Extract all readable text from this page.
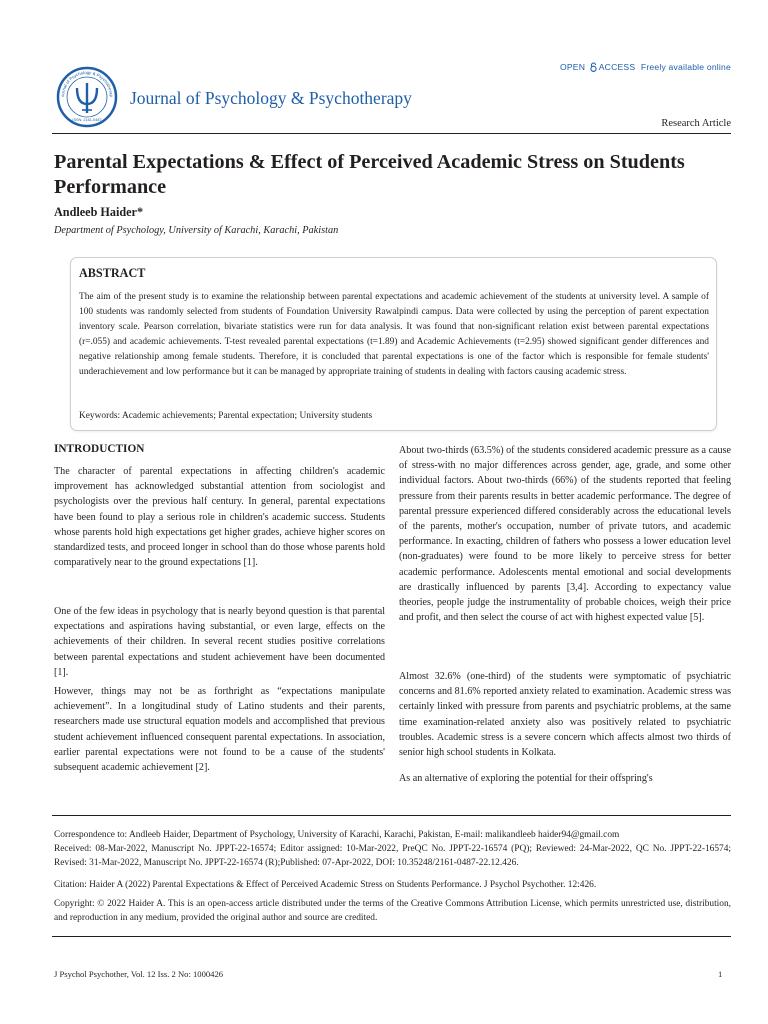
ournal of Psychology & Psychotherap
ISSN: 2161-0487
Journal of Psychology & Psychotherapy
OPEN ACCESS Freely available online
Research Article
Parental Expectations & Effect of Perceived Academic Stress on Students Performance
Andleeb Haider*
Department of Psychology, University of Karachi, Karachi, Pakistan
ABSTRACT
The aim of the present study is to examine the relationship between parental expectations and academic achievement of the students at university level. A sample of 100 students was randomly selected from students of Foundation University Rawalpindi campus. Data were collected by using the perception of parent expectation inventory scale. Pearson correlation, bivariate statistics were run for data analysis. It was found that non-significant relation exist between parental expectations (r=.055) and academic achievements. T-test revealed parental expectations (t=1.89) and Academic Achievements (t=2.95) showed significant gender differences and negative relationship among female students. Therefore, it is concluded that parental expectations is one of the factor which is responsible for female students' underachievement and low performance but it can be managed by appropriate training of students in dealing with factors causing academic stress.
Keywords: Academic achievements; Parental expectation; University students
INTRODUCTION
The character of parental expectations in affecting children's academic improvement has acknowledged substantial attention from sociologist and psychologists over the previous half century. In general, parental expectations have been found to play a serious role in children's academic success. Students whose parents hold high expectations get higher grades, achieve higher scores on standardized tests, and proceed longer in school than do those whose parents hold comparatively near to the ground expectations [1].
One of the few ideas in psychology that is nearly beyond question is that parental expectations and aspirations having substantial, or even large, effects on the achievements of their children. In several recent studies positive correlations between parental expectations and student achievement have been documented [1].
However, things may not be as forthright as “expectations manipulate achievement”. In a longitudinal study of Latino students and their parents, researchers made use structural equation models and accomplished that previous student achievement influenced consequent parental expectations. In association, earlier parental expectations were not found to be a cause of the students' subsequent academic achievement [2].
About two-thirds (63.5%) of the students considered academic pressure as a cause of stress-with no major differences across gender, age, grade, and some other individual factors. About two-thirds (66%) of the students reported that feeling pressure from their parents results in better academic performance. The degree of parental pressure experienced differed considerably across the educational levels of the parents, mother's occupation, number of private tutors, and academic performance. In exacting, children of fathers who possess a lower education level (non-graduates) were found to be more likely to perceive stress for better academic performance. Adolescents mental emotional and social developments are drastically influenced by parents [3,4]. According to expectancy value theories, people judge the instrumentality of probable choices, weigh their price and profit, and then select the course of act with highest expected value [5].
Almost 32.6% (one-third) of the students were symptomatic of psychiatric concerns and 81.6% reported anxiety related to examination. Academic stress was certainly linked with pressure from parents and psychiatric problems, at the same time examination-related anxiety also was positively related to psychiatric troubles. Academic stress is a severe concern which affects almost two thirds of senior high school students in Kolkata.
As an alternative of exploring the potential for their offspring's

Correspondence to: Andleeb Haider, Department of Psychology, University of Karachi, Karachi, Pakistan, E-mail: malikandleeb haider94@gmail.com

Received: 08-Mar-2022, Manuscript No. JPPT-22-16574; Editor assigned: 10-Mar-2022, PreQC No. JPPT-22-16574 (PQ); Reviewed: 24-Mar-2022, QC No. JPPT-22-16574; Revised: 31-Mar-2022, Manuscript No. JPPT-22-16574 (R);Published: 07-Apr-2022, DOI: 10.35248/2161-0487-22.12.426.

Citation: Haider A (2022) Parental Expectations & Effect of Perceived Academic Stress on Students Performance. J Psychol Psychother. 12:426.
Copyright: © 2022 Haider A. This is an open-access article distributed under the terms of the Creative Commons Attribution License, which permits unrestricted use, distribution, and reproduction in any medium, provided the original author and source are credited.
J Psychol Psychother, Vol. 12 Iss. 2 No: 1000426	1
